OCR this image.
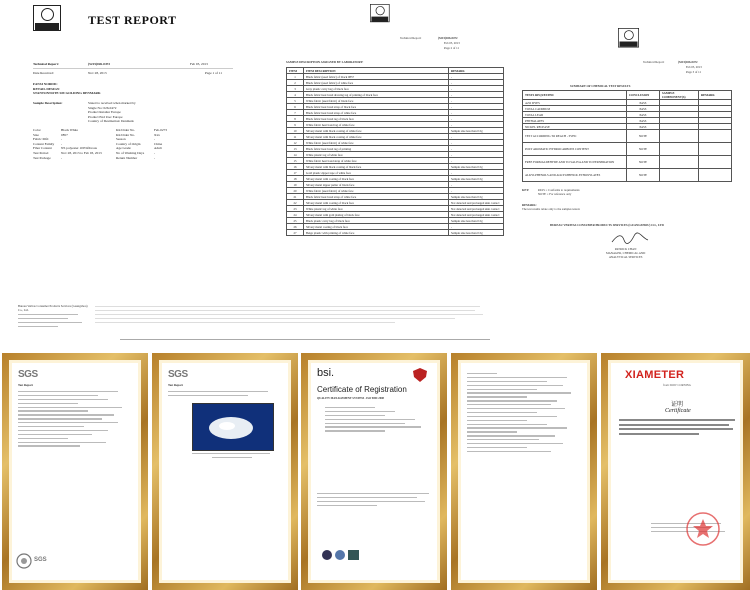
TEST REPORT
Technical Report:	(5215)026-0472	Feb 03, 2013
Date Received:	Nov 28, 2013	Page 1 of 11
FANSI NORDIC
RETAIL DESIGN
STANTONNOTE SM GOLDING DENMARK
Sample Description:	Stated to received when marked by
Single No: 026-0472
Product Retailer Europe
Product End Use: Europe
Country of Destination: Denmark
Color	Black White	Kit/Order No.	Feb-0273
Size	0857	Kit/Order No.	Xxx
Fabric Mfd	-	Season	-
Content Family	-	Country of Origin	China
Fiber Content	NS polyester 100%fibrous	Age Grade	Adult
Test Period	Nov 28, 2013 to Feb 03, 2013	No of Washing Days	-
Test Package	-	Return Number	-
Technical Report:	(5215)026-0472
Feb 03, 2013
Page 2 of 11
SAMPLE DESCRIPTION ASSIGNED BY LABORATORY:
ITEM	ITEM DESCRIPTION	REMARK
1	Black fabric (used fabric) of black 0857	-
2	Black fabric (used fabric) of white face	-
3	Gray plastic carry bag of black face	-
4	Black fabric heat bond drawing tag of printing of black face	-
5	White fabric (used fabric) of black face	-
6	Black fabric heat bond strap of black face	-
7	Black fabric heat bond strap of white face	-
8	Black fabric heat bond tag of black face	-
9	White fabric heat bond tag of white face	-
10	Silvery metal with black coating of white face	Sample size less than 0.5g
11	Silvery metal with black coating of white face	-
12	White fabric (used fabric) of white face	-
13	Black fabric heat bond tag of printing	-
14	White plastic tag of white face	-
15	White fabric heat bond strap of white face	-
16	Silvery metal with black coating of black face	Sample size less than 0.5g
17	Gold plastic zipper tape of white face	-
18	Silvery metal with coating of black face	Sample size less than 0.5g
19	Silvery metal zipper puller of black face	-
20	White fabric (used fabric) of white face	-
21	Black fabric heat bond strap of white face	Sample size less than 0.5g
22	Silvery metal with coating of black face	Not detected and prolonged skin contact
23	White plastic tag of white face	Not detected and prolonged skin contact
24	Silvery metal with gold plating of black face	Not detected and prolonged skin contact
25	Black plastic carry bag of black face	Sample size less than 0.5g
26	Silvery metal coating of black face	-
27	Beige plastic with printing of white face	Sample size less than 0.5g
Technical Report:	(5215)026-0472
Feb 03, 2013
Page 3 of 11
SUMMARY OF CHEMICAL TEST RESULTS
TESTS REQUESTED	CONCLUSION	SAMPLE COMPONENT(S)	REMARK
AZO DYES	PASS		
TOTAL CADMIUM	PASS		
TOTAL LEAD	PASS		
PHTHALATES	PASS		
NICKEL RELEASE	PASS		
TEST ACCORDING TO REACH - SVHC	NOTE		
POLY AROMATIC HYDROCARBONS CONTENT	NOTE		
FREE FORMALDEHYDE AND TO SALIVA AND TO PERSPIRATION	NOTE		
ALKYLPHENOLS AND ALKYLPHENOL ETHOXYLATES	NOTE		
KEY:	PASS = Conforms to requirements
NOTE = For reference only
REMARK:
The test results relate only to the samples tested.
BUREAU VERITAS CONSUMER PRODUCTS SERVICES (GUANGZHOU) CO., LTD
PATRICK CHAN
MANAGER, CHEMICAL AND
ANALYTICAL SERVICES
Bureau Veritas Consumer Products Services (Guangzhou) Co., Ltd.
SGS
Test Report
SGS
SGS
Test Report
bsi.
Certificate of Registration
QUALITY MANAGEMENT SYSTEM - ISO 9001:2008
XIAMETER
from DOW CORNING
证明
Certificate
